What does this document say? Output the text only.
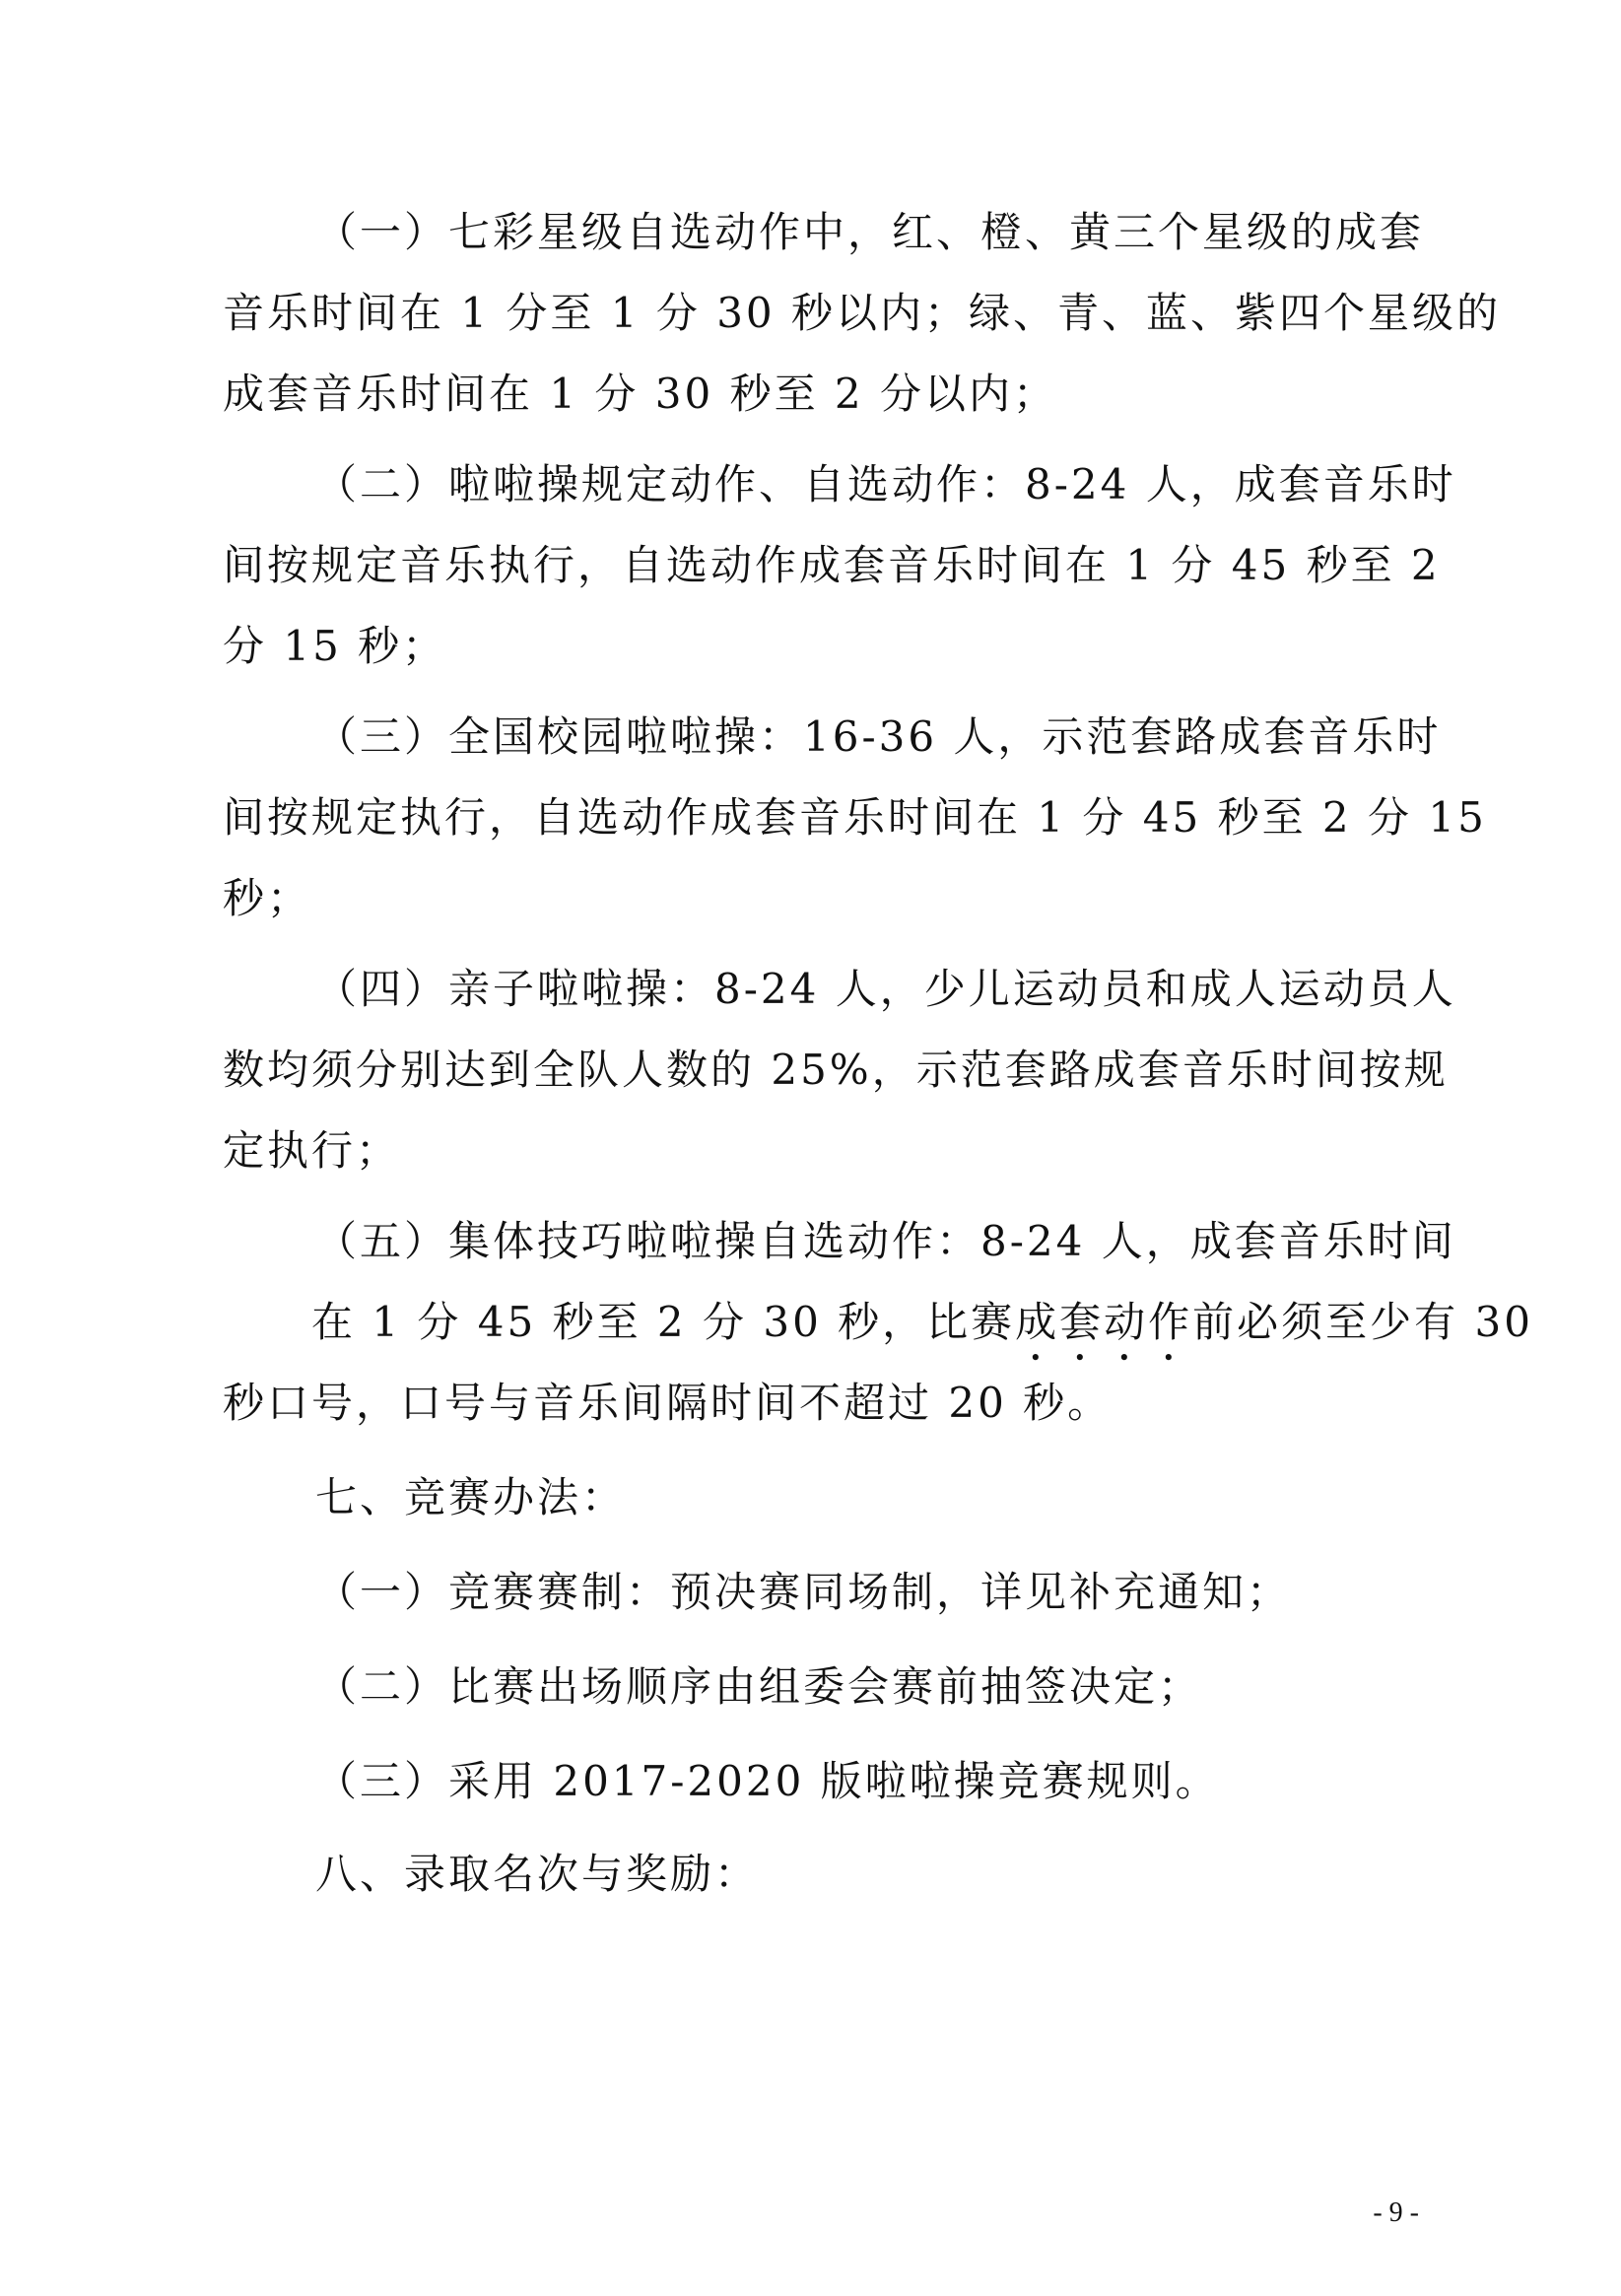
（一）七彩星级自选动作中，红、橙、黄三个星级的成套
音乐时间在 1 分至 1 分 30 秒以内；绿、青、蓝、紫四个星级的
成套音乐时间在 1 分 30 秒至 2 分以内；
（二）啦啦操规定动作、自选动作：8-24 人，成套音乐时
间按规定音乐执行，自选动作成套音乐时间在 1 分 45 秒至 2
分 15 秒；
（三）全国校园啦啦操：16-36 人，示范套路成套音乐时
间按规定执行，自选动作成套音乐时间在 1 分 45 秒至 2 分 15
秒；
（四）亲子啦啦操：8-24 人，少儿运动员和成人运动员人
数均须分别达到全队人数的 25%，示范套路成套音乐时间按规
定执行；
（五）集体技巧啦啦操自选动作：8-24 人，成套音乐时间
在 1 分 45 秒至 2 分 30 秒，比赛成套动作前必须至少有 30
秒口号，口号与音乐间隔时间不超过 20 秒。
七、竞赛办法：
（一）竞赛赛制：预决赛同场制，详见补充通知；
（二）比赛出场顺序由组委会赛前抽签决定；
（三）采用 2017-2020 版啦啦操竞赛规则。
八、录取名次与奖励：
- 9 -
